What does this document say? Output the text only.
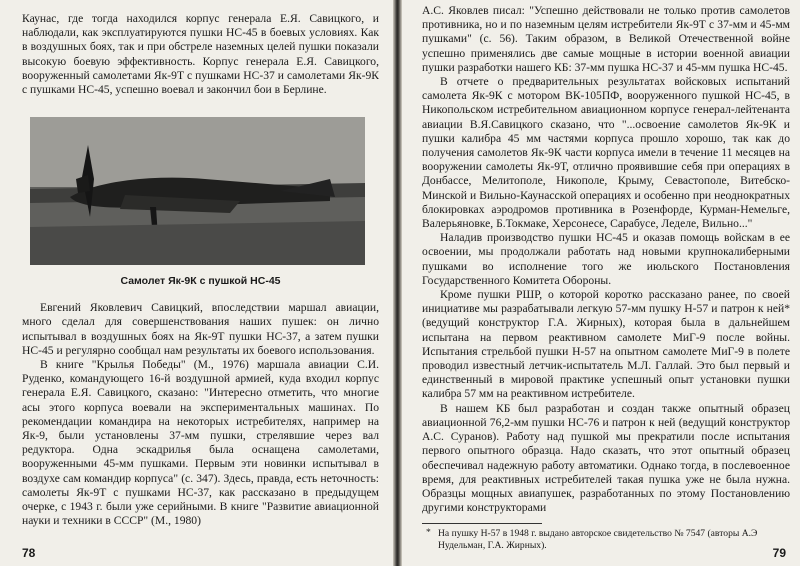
Каунас, где тогда находился корпус генерала Е.Я. Савицкого, и наблюдали, как эксплуатируются пушки НС-45 в боевых условиях. Как в воздушных боях, так и при обстреле наземных целей пушки показали высокую боевую эффективность. Корпус генерала Е.Я. Савицкого, вооруженный самолетами Як-9Т с пушками НС-37 и самолетами Як-9К с пушками НС-45, успешно воевал и закончил бои в Берлине.

Самолет Як-9К с пушкой НС-45

Евгений Яковлевич Савицкий, впоследствии маршал авиации, много сделал для совершенствования наших пушек: он лично испытывал в воздушных боях на Як-9Т пушки НС-37, а затем пушки НС-45 и регулярно сообщал нам результаты их боевого использования.

В книге "Крылья Победы" (М., 1976) маршала авиации С.И. Руденко, командующего 16-й воздушной армией, куда входил корпус генерала Е.Я. Савицкого, сказано: "Интересно отметить, что многие асы этого корпуса воевали на экспериментальных машинах. По рекомендации командира на некоторых истребителях, например на Як-9, были установлены 37-мм пушки, стрелявшие через вал редуктора. Одна эскадрилья была оснащена самолетами, вооруженными 45-мм пушками. Первым эти новинки испытывал в воздухе сам командир корпуса" (с. 347). Здесь, правда, есть неточность: самолеты Як-9Т с пушками НС-37, как рассказано в предыдущем очерке, с 1943 г. были уже серийными. В книге "Развитие авиационной науки и техники в СССР" (М., 1980)

78

А.С. Яковлев писал: "Успешно действовали не только против самолетов противника, но и по наземным целям истребители Як-9Т с 37-мм и 45-мм пушками" (с. 56). Таким образом, в Великой Отечественной войне успешно применялись две самые мощные в истории военной авиации пушки разработки нашего КБ: 37-мм пушка НС-37 и 45-мм пушка НС-45.

В отчете о предварительных результатах войсковых испытаний самолета Як-9К с мотором ВК-105ПФ, вооруженного пушкой НС-45, в Никопольском истребительном авиационном корпусе генерал-лейтенанта авиации В.Я.Савицкого сказано, что "...освоение самолетов Як-9К и пушки калибра 45 мм частями корпуса прошло хорошо, так как до получения самолетов Як-9К части корпуса имели в течение 11 месяцев на вооружении самолеты Як-9Т, отлично проявившие себя при операциях в Донбассе, Мелитополе, Никополе, Крыму, Севастополе, Витебско-Минской и Вильно-Каунасской операциях и особенно при неоднократных блокировках аэродромов противника в Розенфорде, Курман-Немельге, Валерьяновке, Б.Токмаке, Херсонесе, Сарабусе, Леделе, Вильно..."

Наладив производство пушки НС-45 и оказав помощь войскам в ее освоении, мы продолжали работать над новыми крупнокалиберными пушками во исполнение того же июльского Постановления Государственного Комитета Обороны.

Кроме пушки РШР, о которой коротко рассказано ранее, по своей инициативе мы разрабатывали легкую 57-мм пушку Н-57 и патрон к ней* (ведущий конструктор Г.А. Жирных), которая была в дальнейшем испытана на первом реактивном самолете МиГ-9 после войны. Испытания стрельбой пушки Н-57 на опытном самолете МиГ-9 в полете проводил известный летчик-испытатель М.Л. Галлай. Это был первый и единственный в мировой практике успешный опыт установки пушки калибра 57 мм на реактивном истребителе.

В нашем КБ был разработан и создан также опытный образец авиационной 76,2-мм пушки НС-76 и патрон к ней (ведущий конструктор А.С. Суранов). Работу над пушкой мы прекратили после испытания первого опытного образца. Надо сказать, что этот опытный образец обеспечивал надежную работу автоматики. Однако тогда, в послевоенное время, для реактивных истребителей такая пушка уже не была нужна. Образцы мощных авиапушек, разработанных по этому Постановлению другими конструкторами

* На пушку Н-57 в 1948 г. выдано авторское свидетельство № 7547 (авторы А.Э Нудельман, Г.А. Жирных).
79
